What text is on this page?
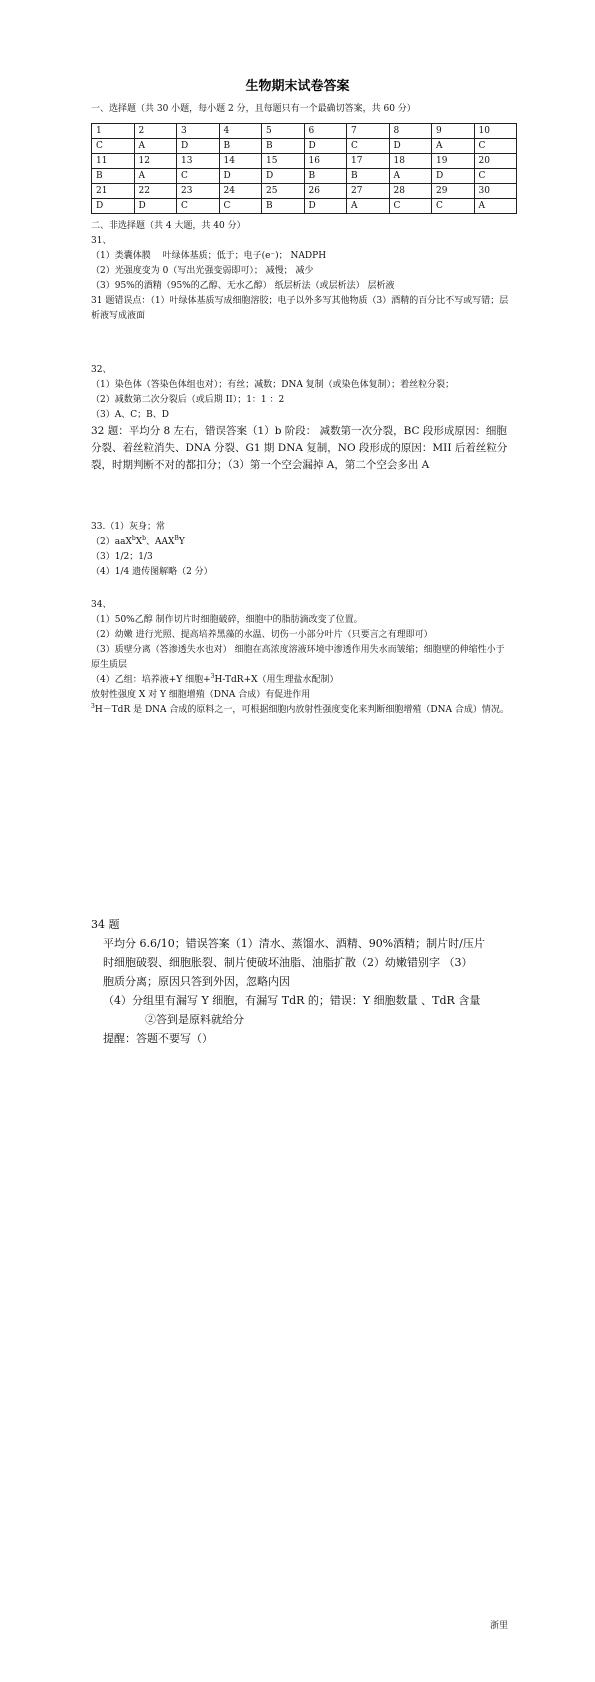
生物期末试卷答案
一、选择题（共 30 小题，每小题 2 分，且每题只有一个最确切答案，共 60 分）
1	2	3	4	5	6	7	8	9	10
C	A	D	B	B	D	C	D	A	C
11	12	13	14	15	16	17	18	19	20
B	A	C	D	D	B	B	A	D	C
21	22	23	24	25	26	27	28	29	30
D	D	C	C	B	D	A	C	C	A
二、非选择题（共 4 大题，共 40 分）
31、
（1）类囊体膜　 叶绿体基质；低于；电子(e⁻)； NADPH
（2）光强度变为 0（写出光强变弱即可）； 减慢； 减少
（3）95%的酒精（95%的乙醇、无水乙醇） 纸层析法（或层析法） 层析液
31 题错误点：（1）叶绿体基质写成细胞溶胶；电子以外多写其他物质（3）酒精的百分比不写或写错；层析液写成液面
32、
（1）染色体（答染色体组也对）；有丝；减数；DNA 复制（或染色体复制）；着丝粒分裂；
（2）减数第二次分裂后（或后期 II）；1：1 ：2
（3）A、C；B、D
32 题：平均分 8 左右，错误答案（1）b 阶段： 减数第一次分裂，BC 段形成原因：细胞分裂、着丝粒消失、DNA 分裂、G1 期 DNA 复制，NO 段形成的原因：MII 后着丝粒分裂，时期判断不对的都扣分；（3）第一个空会漏掉 A，第二个空会多出 A
33.（1）灰身；常
$(2)aaX^bX^b$、$AAX^BY$
（3）1/2；1/3
（4）1/4 遗传图解略（2 分）
34、
（1）50%乙醇 制作切片时细胞破碎，细胞中的脂肪滴改变了位置。
（2）幼嫩 进行光照、提高培养黑藻的水温、切伤一小部分叶片（只要言之有理即可）
（3）质壁分离（答渗透失水也对） 细胞在高浓度溶液环境中渗透作用失水而皱缩；细胞壁的伸缩性小于原生质层
（4）乙组：培养液+Y 细胞+$^3$H-TdR+X（用生理盐水配制）
放射性强度 X 对 Y 细胞增殖（DNA 合成）有促进作用
$^3$H－TdR 是 DNA 合成的原料之一，可根据细胞内放射性强度变化来判断细胞增殖（DNA 合成）情况。
34 题
平均分 6.6/10；错误答案（1）清水、蒸馏水、酒精、90%酒精；制片时/压片
时细胞破裂、细胞胀裂、制片使破坏油脂、油脂扩散（2）幼嫩错别字 （3）
胞质分离；原因只答到外因，忽略内因
（4）分组里有漏写 Y 细胞，有漏写 TdR 的；错误：Y 细胞数量 、TdR 含量
②答到是原料就给分
提醒：答题不要写（）
浙里
